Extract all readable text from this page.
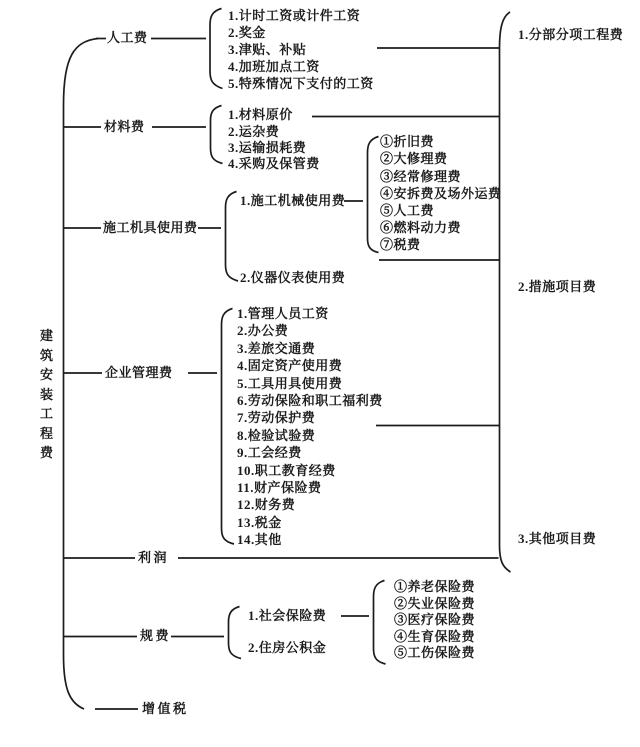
建筑安装工程费
人工费
1.计时工资或计件工资
2.奖金
3.津贴、补贴
4.加班加点工资
5.特殊情况下支付的工资
材料费
1.材料原价
2.运杂费
3.运输损耗费
4.采购及保管费
施工机具使用费
1.施工机械使用费
2.仪器仪表使用费
①折旧费
②大修理费
③经常修理费
④安拆费及场外运费
⑤人工费
⑥燃料动力费
⑦税费
企业管理费
1.管理人员工资
2.办公费
3.差旅交通费
4.固定资产使用费
5.工具用具使用费
6.劳动保险和职工福利费
7.劳动保护费
8.检验试验费
9.工会经费
10.职工教育经费
11.财产保险费
12.财务费
13.税金
14.其他
利润
规费
1.社会保险费
2.住房公积金
①养老保险费
②失业保险费
③医疗保险费
④生育保险费
⑤工伤保险费
增值税
1.分部分项工程费
2.措施项目费
3.其他项目费
